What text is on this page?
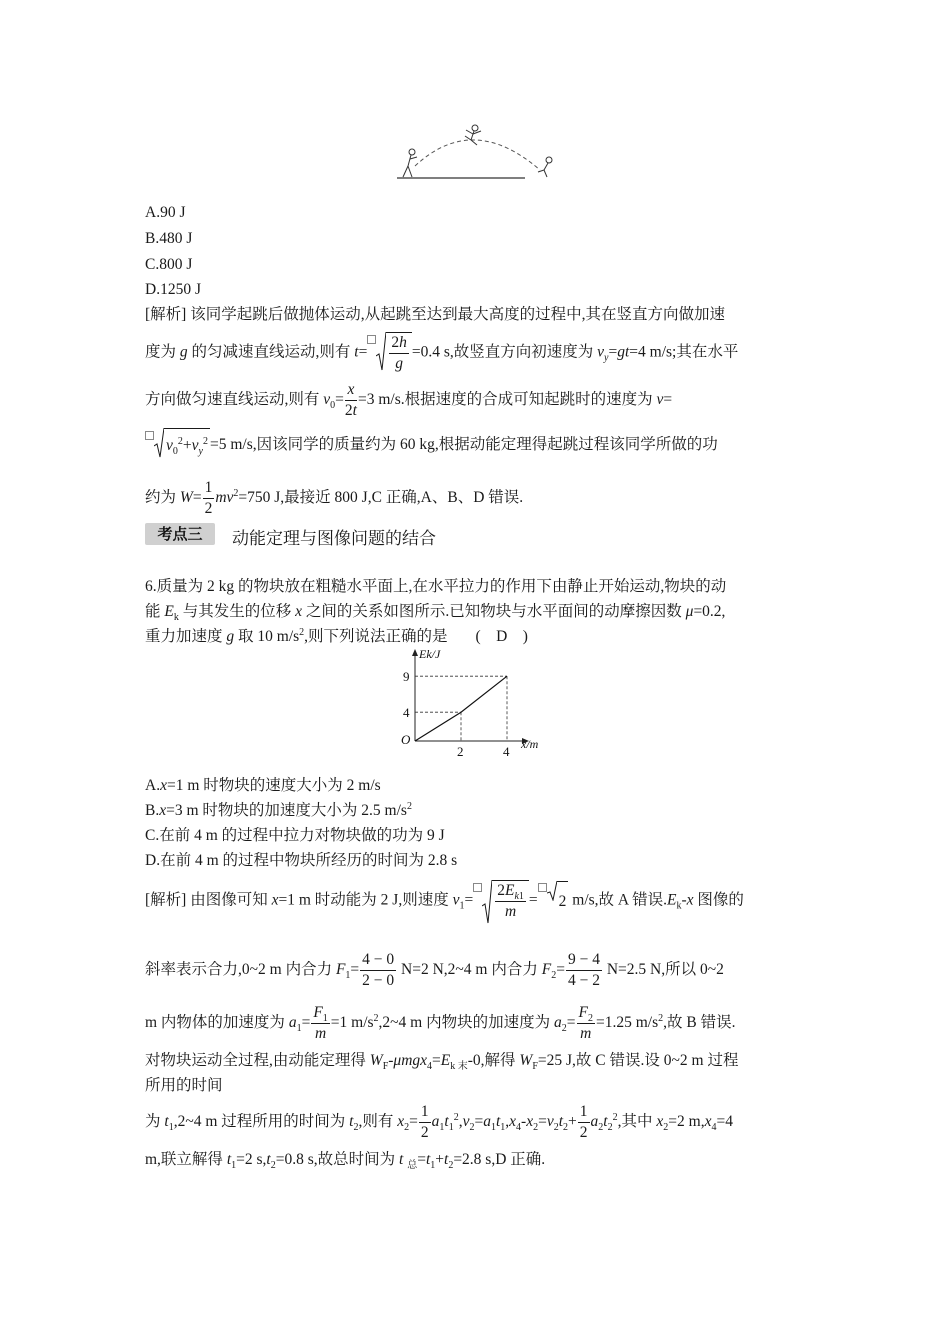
A.90 J
B.480 J
C.800 J
D.1250 J
[解析] 该同学起跳后做抛体运动,从起跳至达到最大高度的过程中,其在竖直方向做加速
度为 g 的匀减速直线运动,则有 $t= \frac{2h}{g} =0.4$ s,故竖直方向初速度为 $v_y=gt=4$ m/s;其在水平
方向做匀速直线运动,则有 $v_0= \frac{x}{2t} =3$ m/s.根据速度的合成可知起跳时的速度为 v=
$v_0^2+v_y^2 =5$ m/s,因该同学的质量约为 60 kg,根据动能定理得起跳过程该同学所做的功
约为 $W= \frac{1}{2} mv^2=750$ J,最接近 800 J,C 正确,A、B、D 错误.
考点三	动能定理与图像问题的结合
6.质量为 2 kg 的物块放在粗糙水平面上,在水平拉力的作用下由静止开始运动,物块的动
能 $E_k$ 与其发生的位移 x 之间的关系如图所示.已知物块与水平面间的动摩擦因数 μ=0.2,
重力加速度 g 取 10 $m/s^2$,则下列说法正确的是 (　D　)
2	4
4
9
O	x/m
Ek/J
A.x=1 m 时物块的速度大小为 2 m/s
B.x=3 m 时物块的加速度大小为 2.5 $m/s^2$
C.在前 4 m 的过程中拉力对物块做的功为 9 J
D.在前 4 m 的过程中物块所经历的时间为 2.8 s
[解析] 由图像可知 x=1 m 时动能为 2 J,则速度 $v_1= \frac{2E_{k1}}{m} = 2$ m/s,故 A 错误$.E_k-x$ 图像的
斜率表示合力,0~2 m 内合力 $F_1= \frac{4 - 0}{2 - 0} N=2$ N,2~4 m 内合力 $F_2= \frac{9 - 4}{4 - 2} N=2.5$ N,所以 0~2
m 内物体的加速度为 $a_1= \frac{F_1}{m} =1$ $m/s^2,2\sim 4$ m 内物块的加速度为 $a_2= \frac{F_2}{m} =1.25$ $m/s^2$,故 B 错误.
对物块运动全过程,由动能定理得 $W_F-\mu mgx_4=E_{k 末}-0$,解得 $W_F=25$ J,故 C 错误.设 0~2 m 过程
所用的时间
为 $t_1,2\sim 4$ m 过程所用的时间为 $t_2$,则有 $x_2= \frac{1}{2} a_1t_1^2,v_2=a_1t_1,x_4-x_2=v_2t_2+ \frac{1}{2} a_2t_2^2$,其中 $x_2=2$ $m,x_4=4$
m,联立解得 $t_1=2$ $s,t_2=0.8$ s,故总时间为 t $_总=t_1+t_2=2.8$ s,D 正确.
